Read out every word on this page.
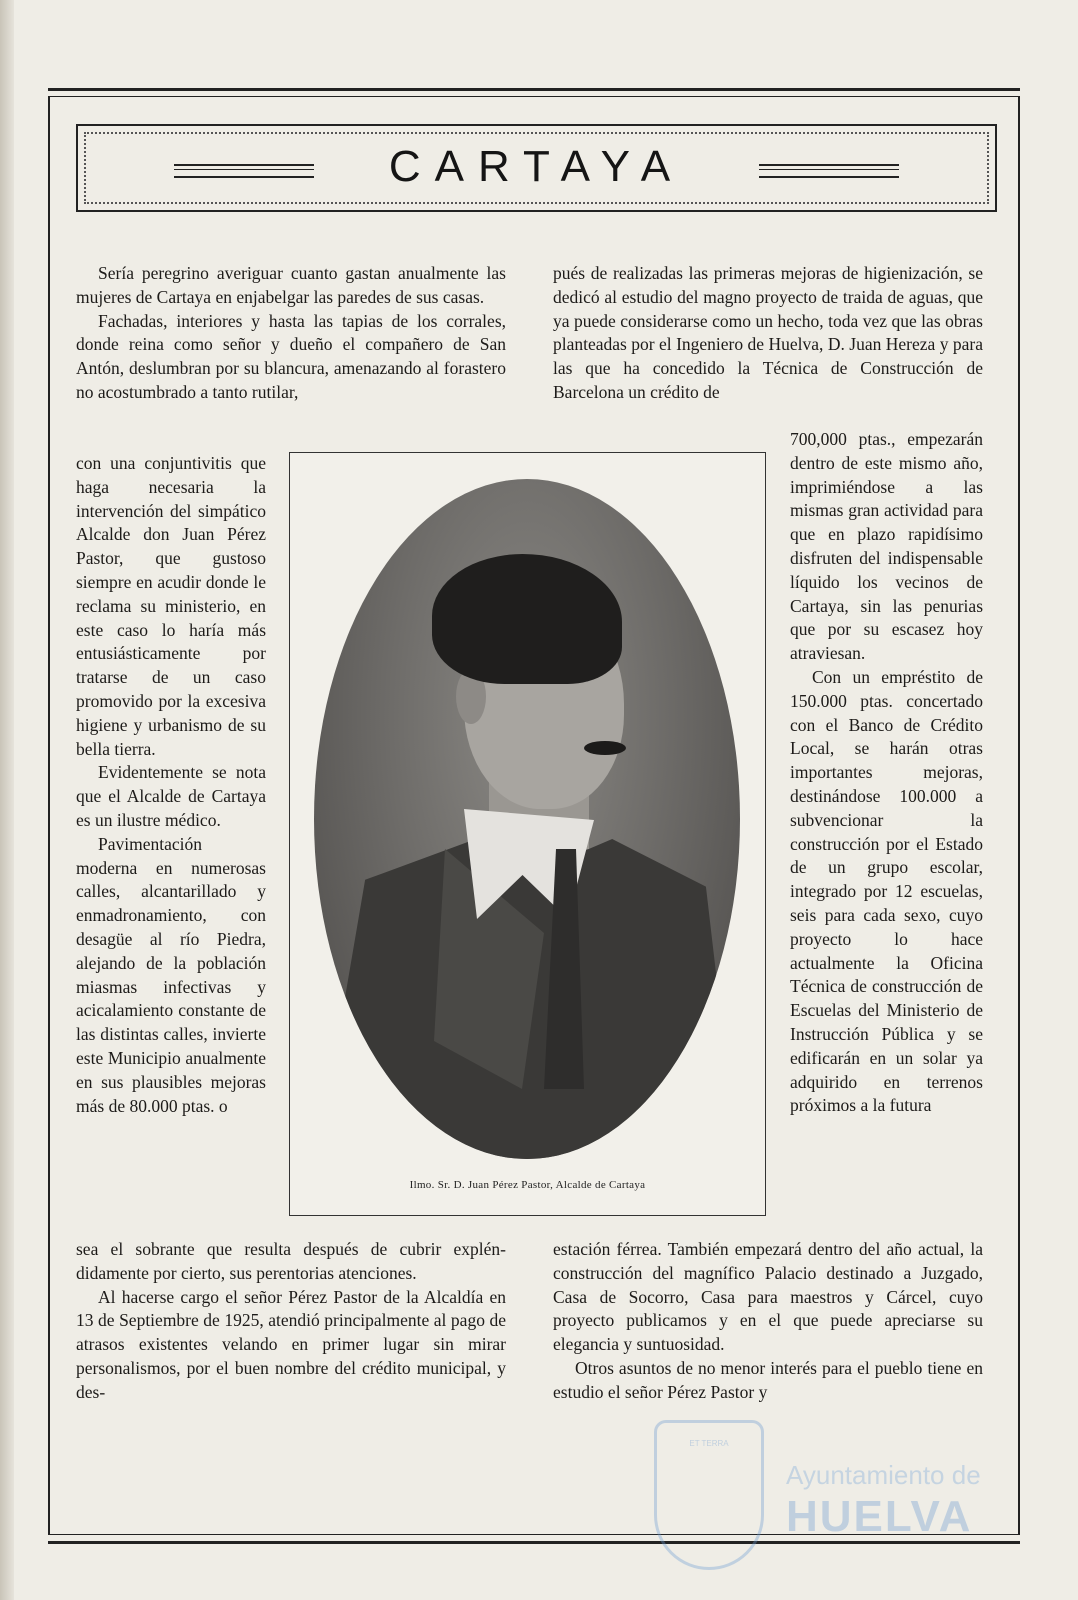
CARTAYA

Sería peregrino averiguar cuanto gastan anualmente las mujeres de Cartaya en enjabelgar las paredes de sus casas.

Fachadas, interiores y hasta las tapias de los corrales, donde reina como señor y dueño el compañero de San Antón, deslumbran por su blancura, amenazando al forastero no acostumbrado a tanto rutilar,

con una conjuntivitis que haga necesaria la intervención del simpático Alcalde don Juan Pérez Pastor, que gustoso siempre en acudir donde le reclama su ministerio, en este caso lo haría más entusiásticamente por tratarse de un caso promovido por la excesiva higiene y urbanismo de su bella tierra.

Evidentemente se nota que el Alcalde de Cartaya es un ilustre médico.

Pavimentación moderna en numerosas calles, alcantarillado y enmadronamiento, con desagüe al río Piedra, alejando de la población miasmas infectivas y acicalamiento constante de las distintas calles, invierte este Municipio anualmente en sus plausibles mejoras más de 80.000 ptas. o

sea el sobrante que resulta después de cubrir expléndidamente por cierto, sus perentorias atenciones.

Al hacerse cargo el señor Pérez Pastor de la Alcaldía en 13 de Septiembre de 1925, atendió principalmente al pago de atrasos existentes velando en primer lugar sin mirar personalismos, por el buen nombre del crédito municipal, y des-

pués de realizadas las primeras mejoras de higienización, se dedicó al estudio del magno proyecto de traida de aguas, que ya puede considerarse como un hecho, toda vez que las obras planteadas por el Ingeniero de Huelva, D. Juan Hereza y para las que ha concedido la Técnica de Construcción de Barcelona un crédito de

700,000 ptas., empezarán dentro de este mismo año, imprimiéndose a las mismas gran actividad para que en plazo rapidísimo disfruten del indispensable líquido los vecinos de Cartaya, sin las penurias que por su escasez hoy atraviesan.

Con un empréstito de 150.000 ptas. concertado con el Banco de Crédito Local, se harán otras importantes mejoras, destinándose 100.000 a subvencionar la construcción por el Estado de un grupo escolar, integrado por 12 escuelas, seis para cada sexo, cuyo proyecto lo hace actualmente la Oficina Técnica de construcción de Escuelas del Ministerio de Instrucción Pública y se edificarán en un solar ya adquirido en terrenos próximos a la futura

estación férrea. También empezará dentro del año actual, la construcción del magnífico Palacio destinado a Juzgado, Casa de Socorro, Casa para maestros y Cárcel, cuyo proyecto publicamos y en el que puede apreciarse su elegancia y suntuosidad.

Otros asuntos de no menor interés para el pueblo tiene en estudio el señor Pérez Pastor y

Ilmo. Sr. D. Juan Pérez Pastor, Alcalde de Cartaya
ET TERRA
Ayuntamiento de
HUELVA
